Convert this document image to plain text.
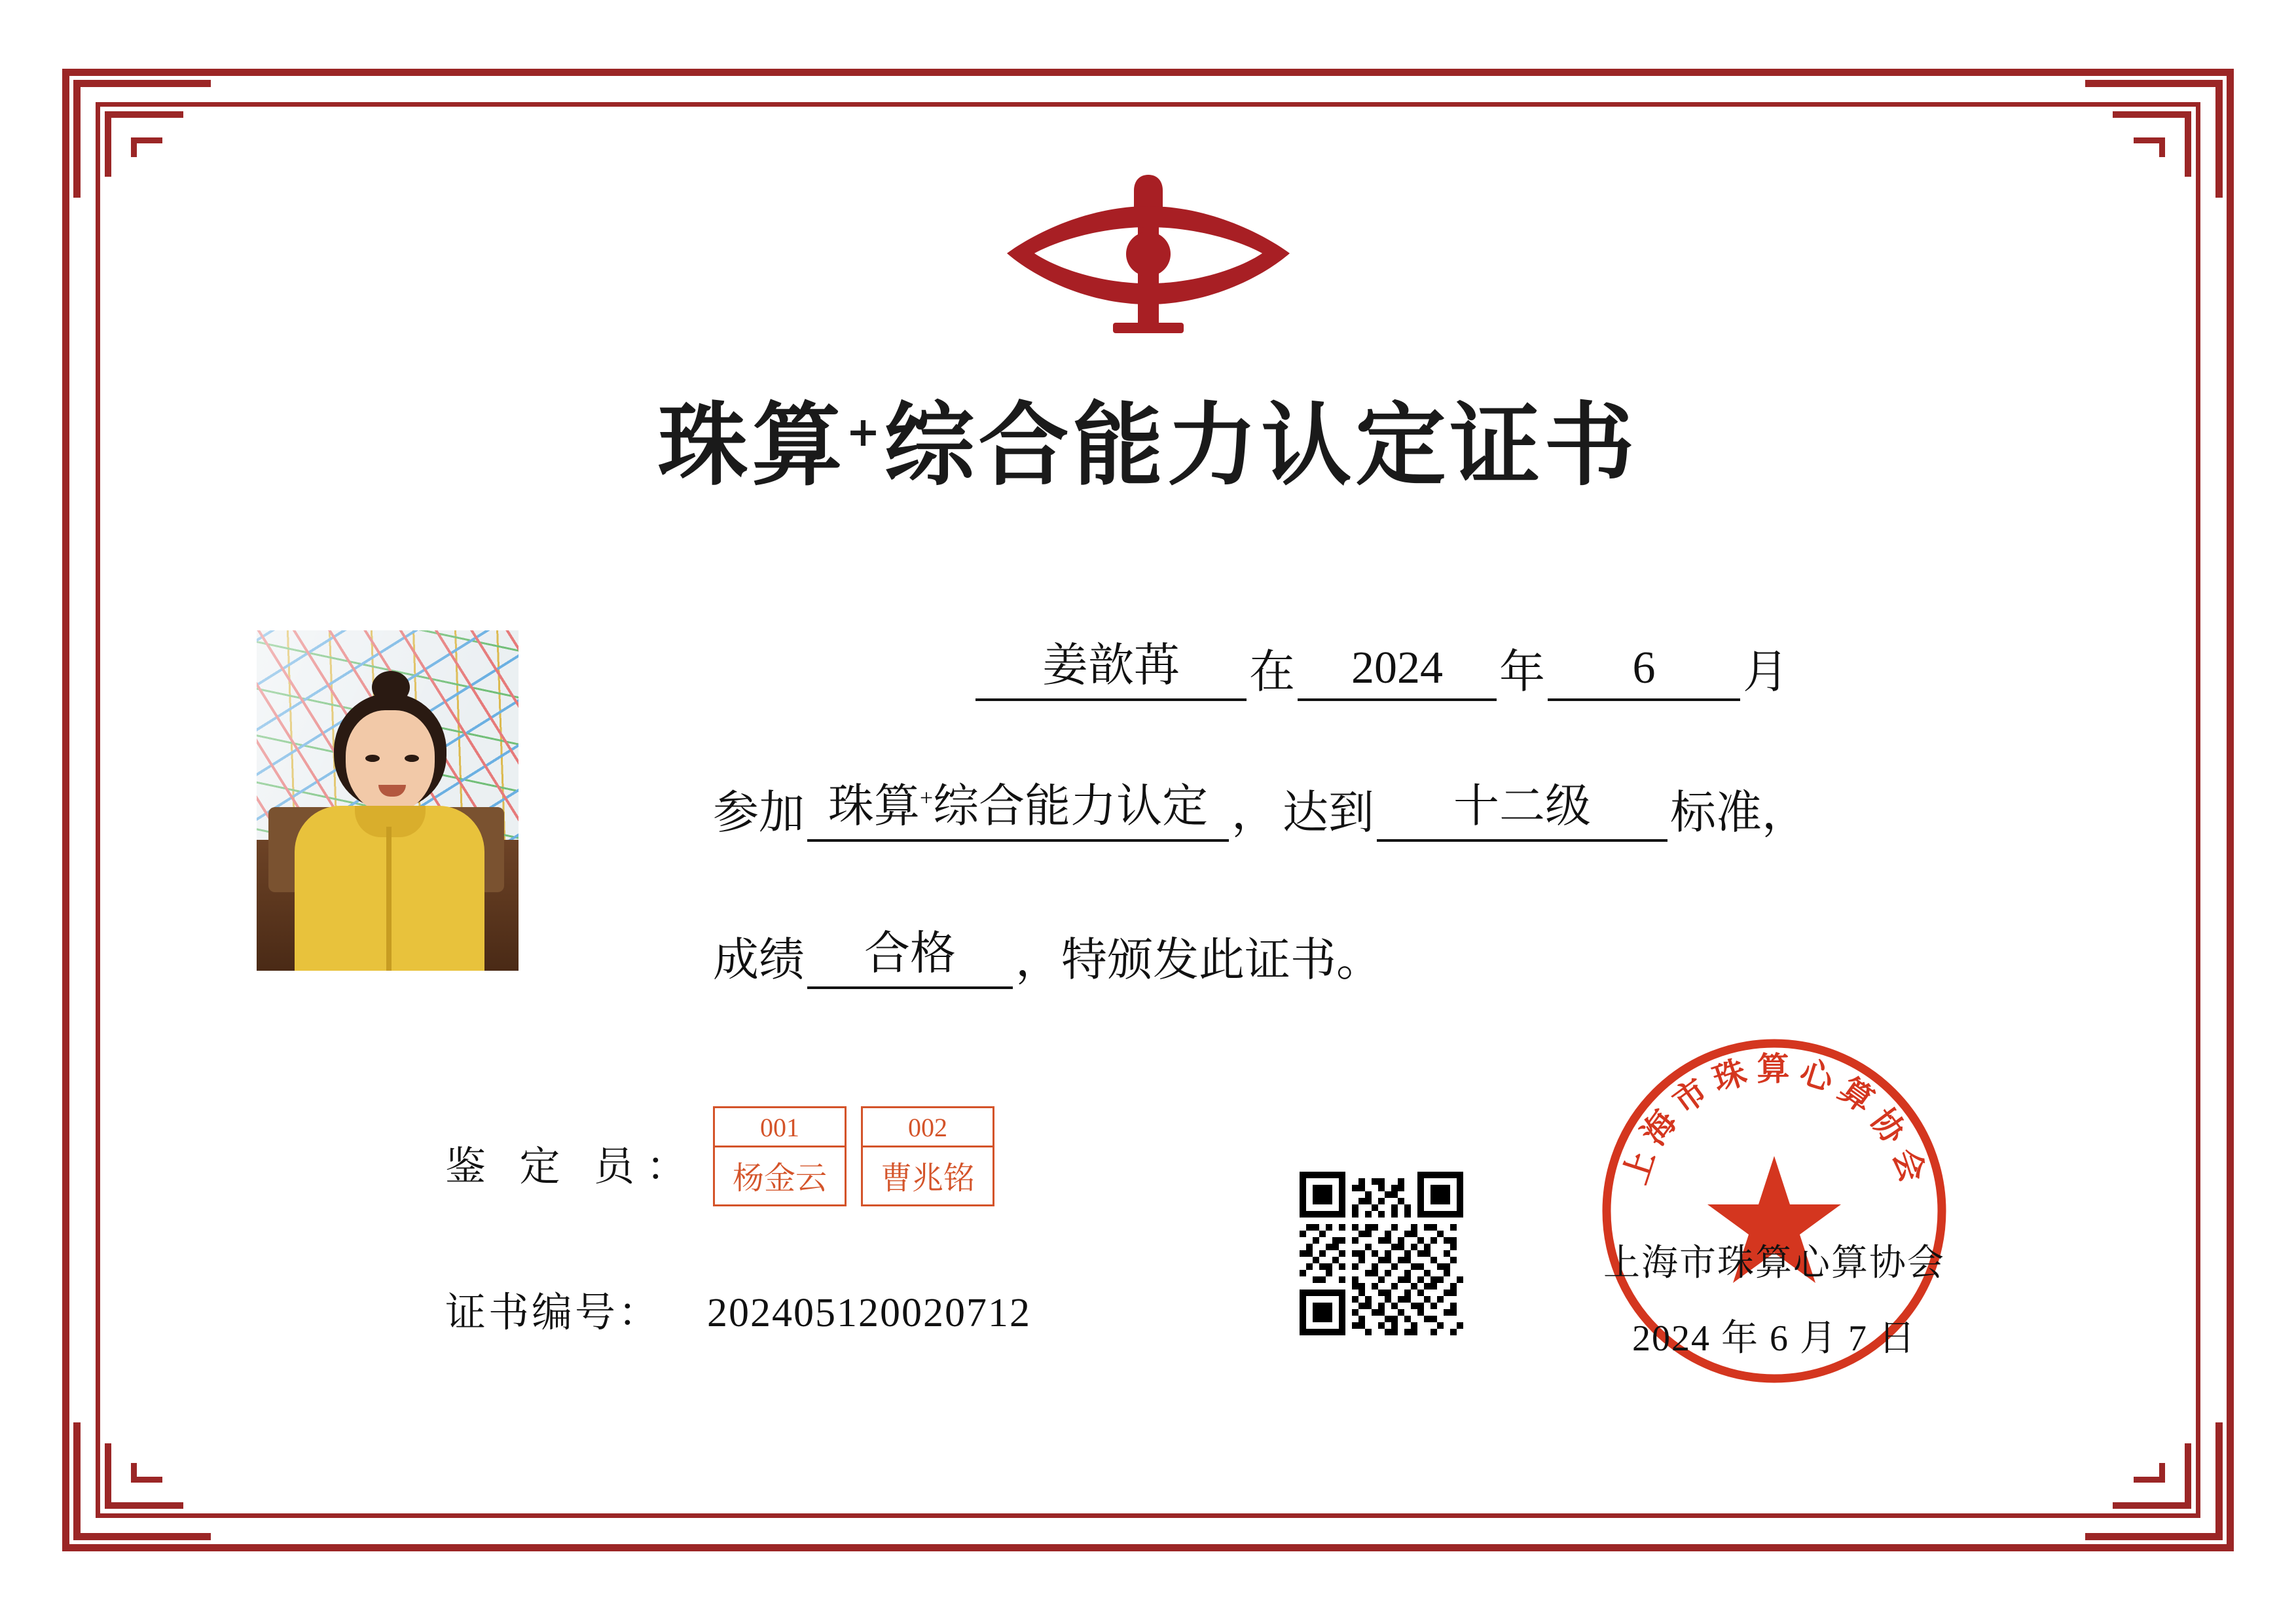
珠算+综合能力认定证书
姜歆苒	在	2024	年	6	月
参加 珠算+综合能力认定 ， 达到	十二级	标准，
成绩	合格	，特颁发此证书。
鉴 定 员：
001
杨金云
002
曹兆铭
证书编号： 202405120020712
上 海 市 珠 算 心 算 协 会
上海市珠算心算协会
2024 年 6 月 7 日
